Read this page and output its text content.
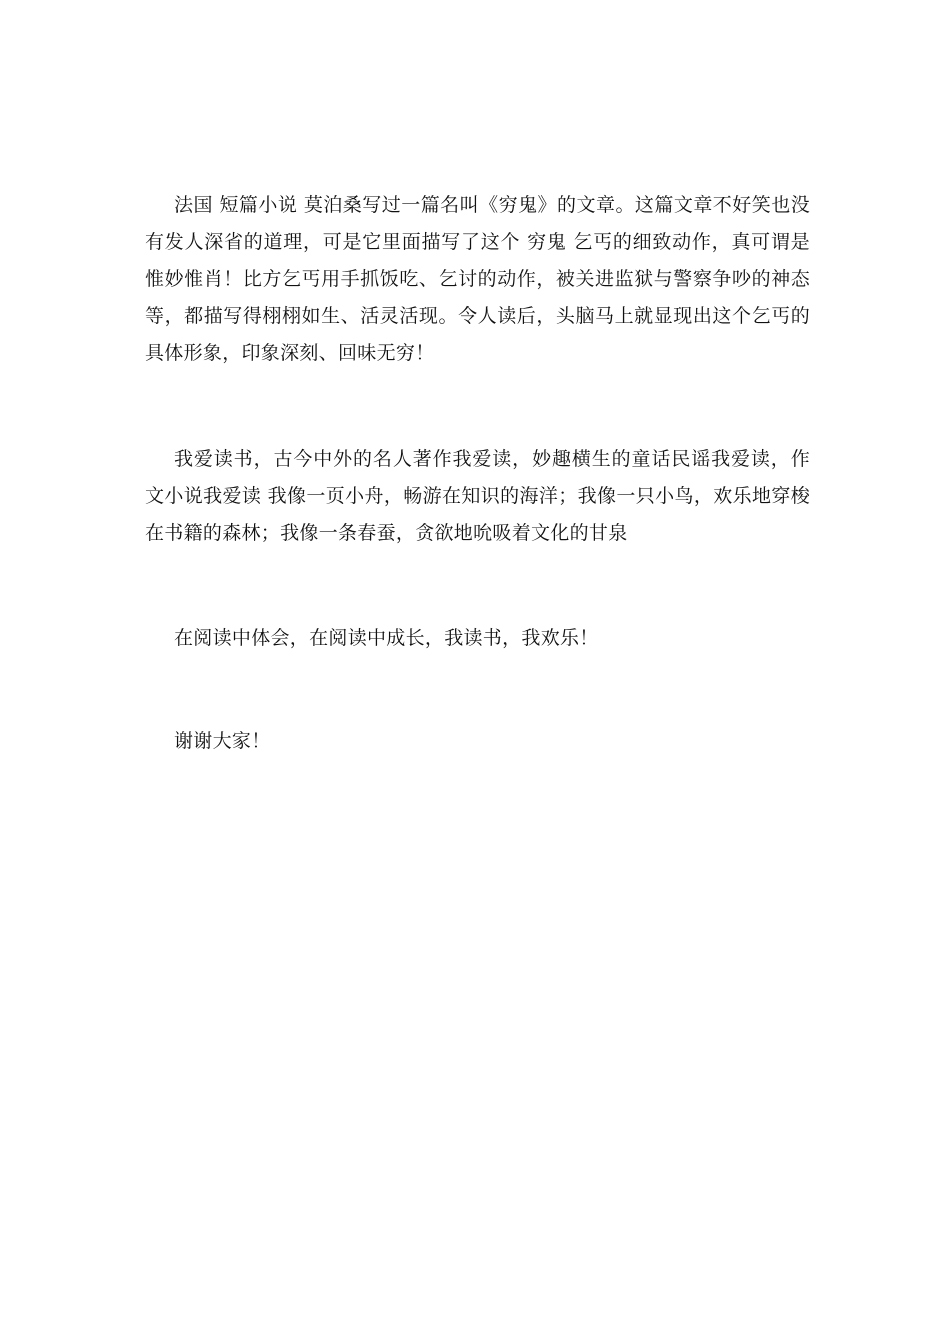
法国 短篇小说 莫泊桑写过一篇名叫《穷鬼》的文章。这篇文章不好笑也没有发人深省的道理，可是它里面描写了这个 穷鬼 乞丐的细致动作，真可谓是惟妙惟肖！比方乞丐用手抓饭吃、乞讨的动作，被关进监狱与警察争吵的神态等，都描写得栩栩如生、活灵活现。令人读后，头脑马上就显现出这个乞丐的具体形象，印象深刻、回味无穷！

我爱读书，古今中外的名人著作我爱读，妙趣横生的童话民谣我爱读，作文小说我爱读 我像一页小舟，畅游在知识的海洋；我像一只小鸟，欢乐地穿梭在书籍的森林；我像一条春蚕，贪欲地吮吸着文化的甘泉

在阅读中体会，在阅读中成长，我读书，我欢乐！

谢谢大家！
